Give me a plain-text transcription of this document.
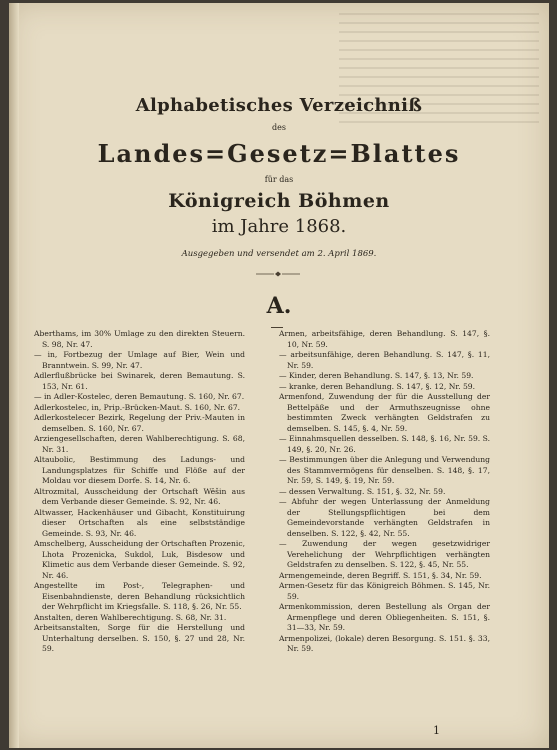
Alphabetisches Verzeichniß
des
Landes=Gesetz=Blattes
für das
Königreich Böhmen
im Jahre 1868.
Ausgegeben und versendet am 2. April 1869.
A.

Aberthams, im 30% Umlage zu den direkten Steuern. S. 98, Nr. 47.

— in, Fortbezug der Umlage auf Bier, Wein und Branntwein. S. 99, Nr. 47.

Adlerflußbrücke bei Swinarek, deren Bemautung. S. 153, Nr. 61.

— in Adler-Kostelec, deren Bemautung. S. 160, Nr. 67.

Adlerkostelec, in, Prip.-Brücken-Maut. S. 160, Nr. 67.

Adlerkostelecer Bezirk, Regelung der Priv.-Mauten in demselben. S. 160, Nr. 67.

Arziengesellschaften, deren Wahlberechtigung. S. 68, Nr. 31.

Altaubolic, Bestimmung des Ladungs- und Landungsplatzes für Schiffe und Flöße auf der Moldau vor diesem Dorfe. S. 14, Nr. 6.

Altrozmital, Ausscheidung der Ortschaft Wěšin aus dem Verbande dieser Gemeinde. S. 92, Nr. 46.

Altwasser, Hackenhäuser und Gibacht, Konstituirung dieser Ortschaften als eine selbstständige Gemeinde. S. 93, Nr. 46.

Amschelberg, Ausscheidung der Ortschaften Prozenic, Lhota Prozenicka, Sukdol, Luk, Bisdesow und Klimetic aus dem Verbande dieser Gemeinde. S. 92, Nr. 46.

Angestellte im Post-, Telegraphen- und Eisenbahndienste, deren Behandlung rücksichtlich der Wehrpflicht im Kriegsfalle. S. 118, §. 26, Nr. 55.

Anstalten, deren Wahlberechtigung. S. 68, Nr. 31.

Arbeitsanstalten, Sorge für die Herstellung und Unterhaltung derselben. S. 150, §. 27 und 28, Nr. 59.

Armen, arbeitsfähige, deren Behandlung. S. 147, §. 10, Nr. 59.

— arbeitsunfähige, deren Behandlung. S. 147, §. 11, Nr. 59.

— Kinder, deren Behandlung. S. 147, §. 13, Nr. 59.

— kranke, deren Behandlung. S. 147, §. 12, Nr. 59.

Armenfond, Zuwendung der für die Ausstellung der Bettelpäße und der Armuthszeugnisse ohne bestimmten Zweck verhängten Geldstrafen zu demselben. S. 145, §. 4, Nr. 59.

— Einnahmsquellen desselben. S. 148, §. 16, Nr. 59. S. 149, §. 20, Nr. 26.

— Bestimmungen über die Anlegung und Verwendung des Stammvermögens für denselben. S. 148, §. 17, Nr. 59, S. 149, §. 19, Nr. 59.

— dessen Verwaltung. S. 151, §. 32, Nr. 59.

— Abfuhr der wegen Unterlassung der Anmeldung der Stellungspflichtigen bei dem Gemeindevorstande verhängten Geldstrafen in denselben. S. 122, §. 42, Nr. 55.

— Zuwendung der wegen gesetzwidriger Verehelichung der Wehrpflichtigen verhängten Geldstrafen zu denselben. S. 122, §. 45, Nr. 55.

Armengemeinde, deren Begriff. S. 151, §. 34, Nr. 59.

Armen-Gesetz für das Königreich Böhmen. S. 145, Nr. 59.

Armenkommission, deren Bestellung als Organ der Armenpflege und deren Obliegenheiten. S. 151, §. 31—33, Nr. 59.

Armenpolizei, (lokale) deren Besorgung. S. 151. §. 33, Nr. 59.

1
